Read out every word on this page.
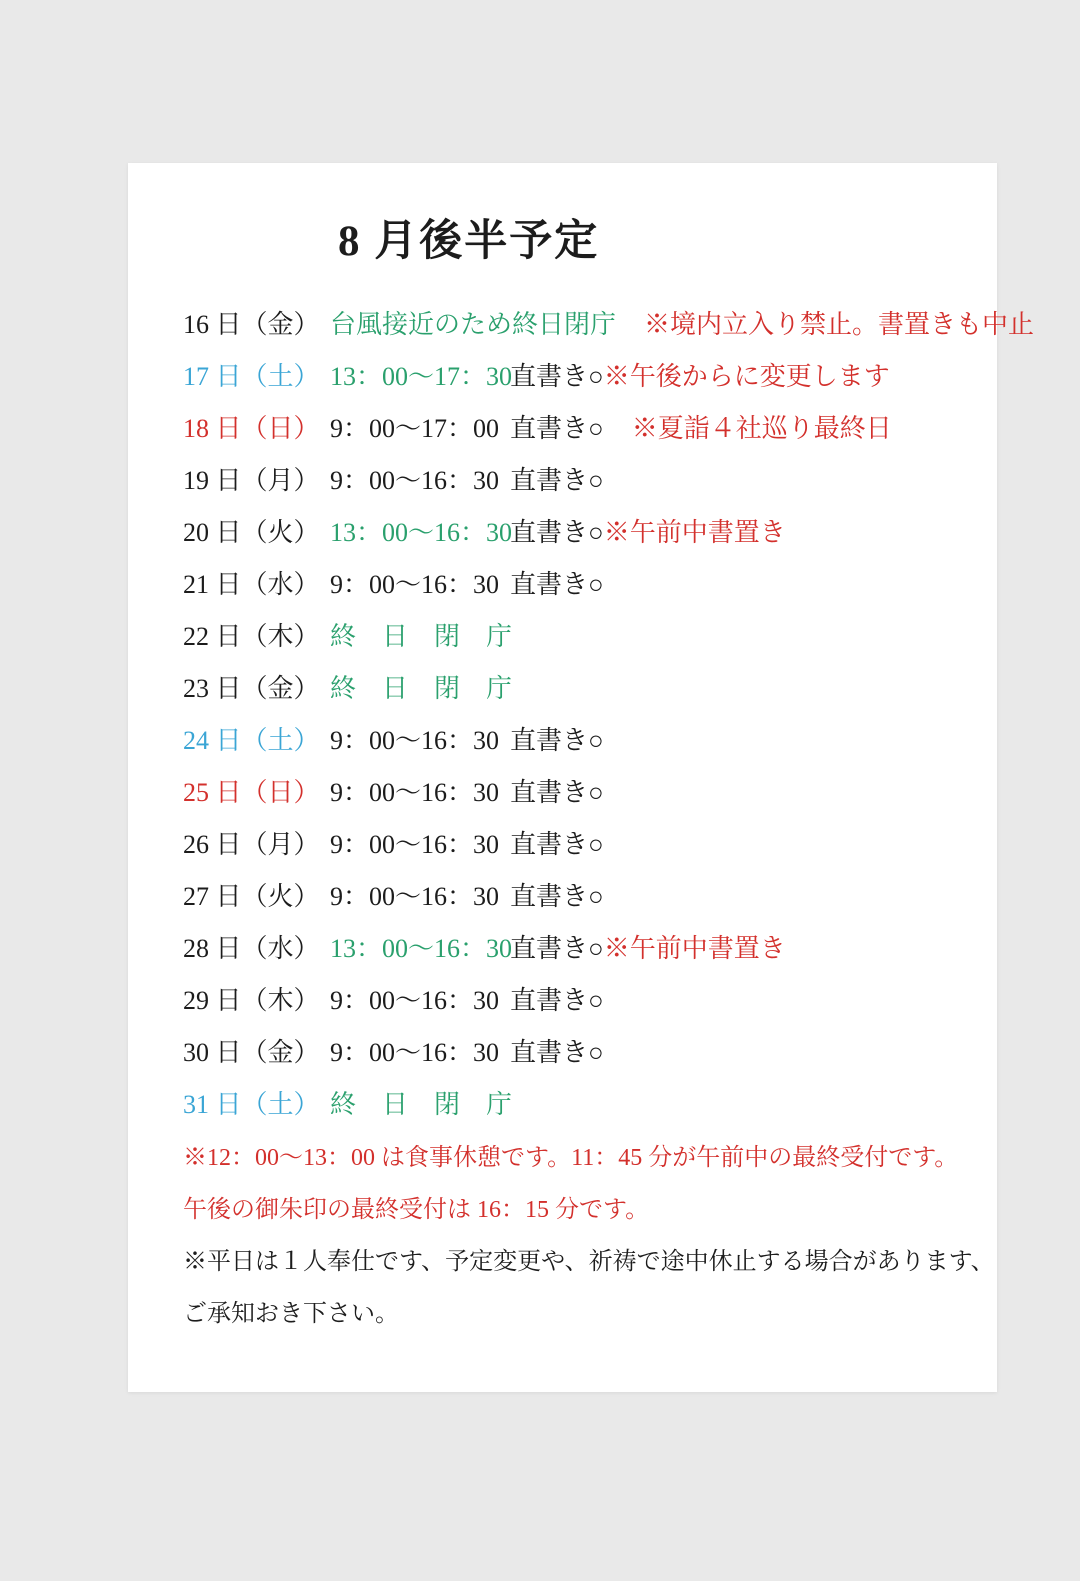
8 月後半予定
16 日（金） 台風接近のため終日閉庁 ※境内立入り禁止。書置きも中止
17 日（土） 13：00～17：30
直書き○ ※午後からに変更します
18 日（日） 9：00～17：00 直書き○ ※夏詣４社巡り最終日
19 日（月） 9：00～16：30 直書き○
20 日（火） 13：00～16：30
直書き○ ※午前中書置き
21 日（水） 9：00～16：30 直書き○
22 日（木） 終　日　閉　庁
23 日（金） 終　日　閉　庁
24 日（土） 9：00～16：30 直書き○
25 日（日） 9：00～16：30 直書き○
26 日（月） 9：00～16：30 直書き○
27 日（火） 9：00～16：30 直書き○
28 日（水） 13：00～16：30
直書き○ ※午前中書置き
29 日（木） 9：00～16：30 直書き○
30 日（金） 9：00～16：30 直書き○
31 日（土） 終　日　閉　庁
※12：00～13：00 は食事休憩です。11：45 分が午前中の最終受付です。
午後の御朱印の最終受付は 16：15 分です。
※平日は１人奉仕です、予定変更や、祈祷で途中休止する場合があります、
ご承知おき下さい。
